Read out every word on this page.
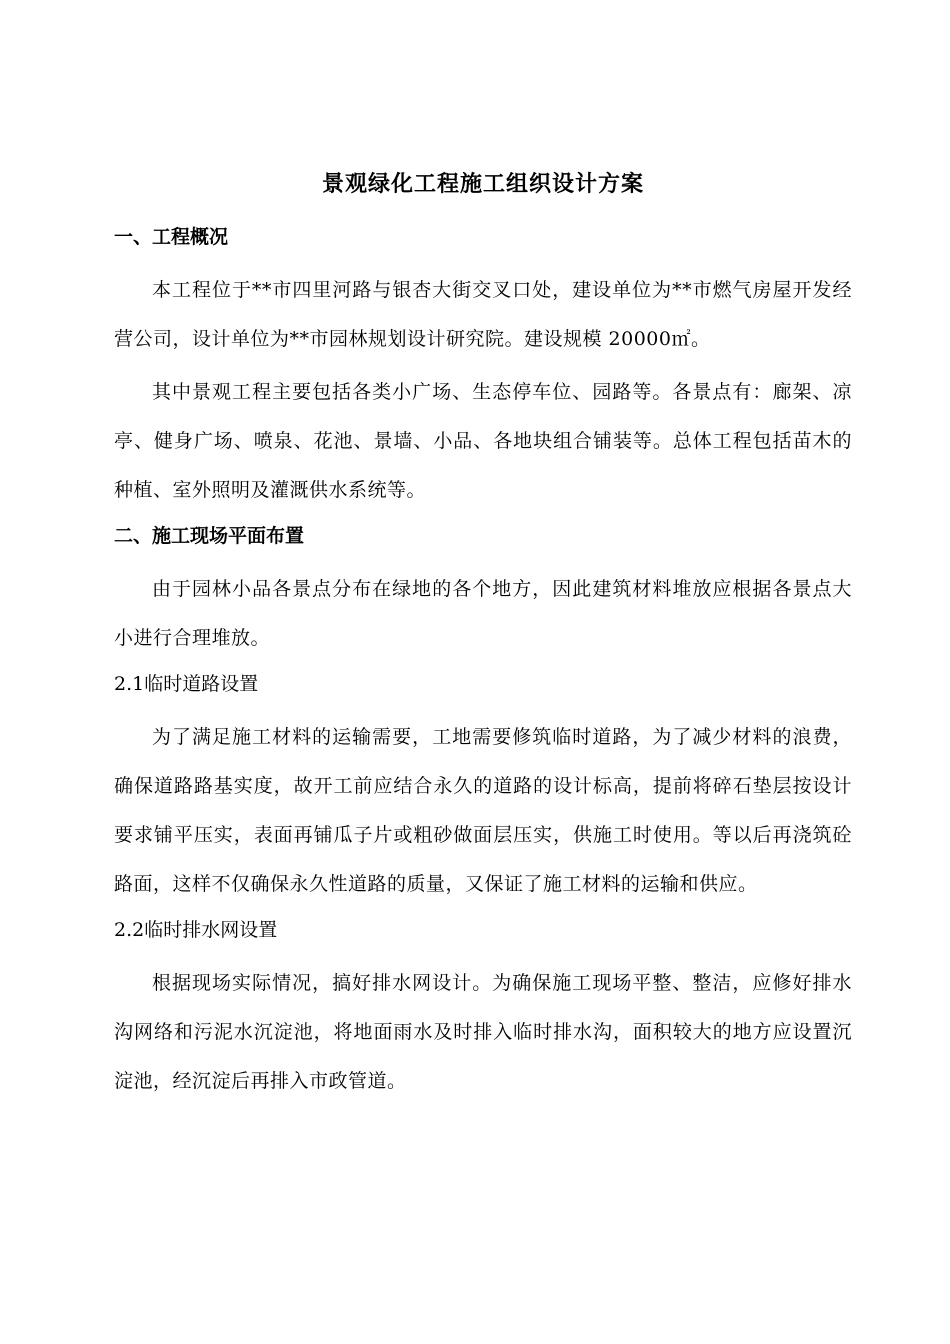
景观绿化工程施工组织设计方案
一、工程概况

本工程位于**市四里河路与银杏大街交叉口处，建设单位为**市燃气房屋开发经营公司，设计单位为**市园林规划设计研究院。建设规模 20000㎡。

其中景观工程主要包括各类小广场、生态停车位、园路等。各景点有：廊架、凉亭、健身广场、喷泉、花池、景墙、小品、各地块组合铺装等。总体工程包括苗木的种植、室外照明及灌溉供水系统等。

二、施工现场平面布置

由于园林小品各景点分布在绿地的各个地方，因此建筑材料堆放应根据各景点大小进行合理堆放。

2.1临时道路设置

为了满足施工材料的运输需要，工地需要修筑临时道路，为了减少材料的浪费，确保道路路基实度，故开工前应结合永久的道路的设计标高，提前将碎石垫层按设计要求铺平压实，表面再铺瓜子片或粗砂做面层压实，供施工时使用。等以后再浇筑砼路面，这样不仅确保永久性道路的质量，又保证了施工材料的运输和供应。

2.2临时排水网设置

根据现场实际情况，搞好排水网设计。为确保施工现场平整、整洁，应修好排水沟网络和污泥水沉淀池，将地面雨水及时排入临时排水沟，面积较大的地方应设置沉淀池，经沉淀后再排入市政管道。
